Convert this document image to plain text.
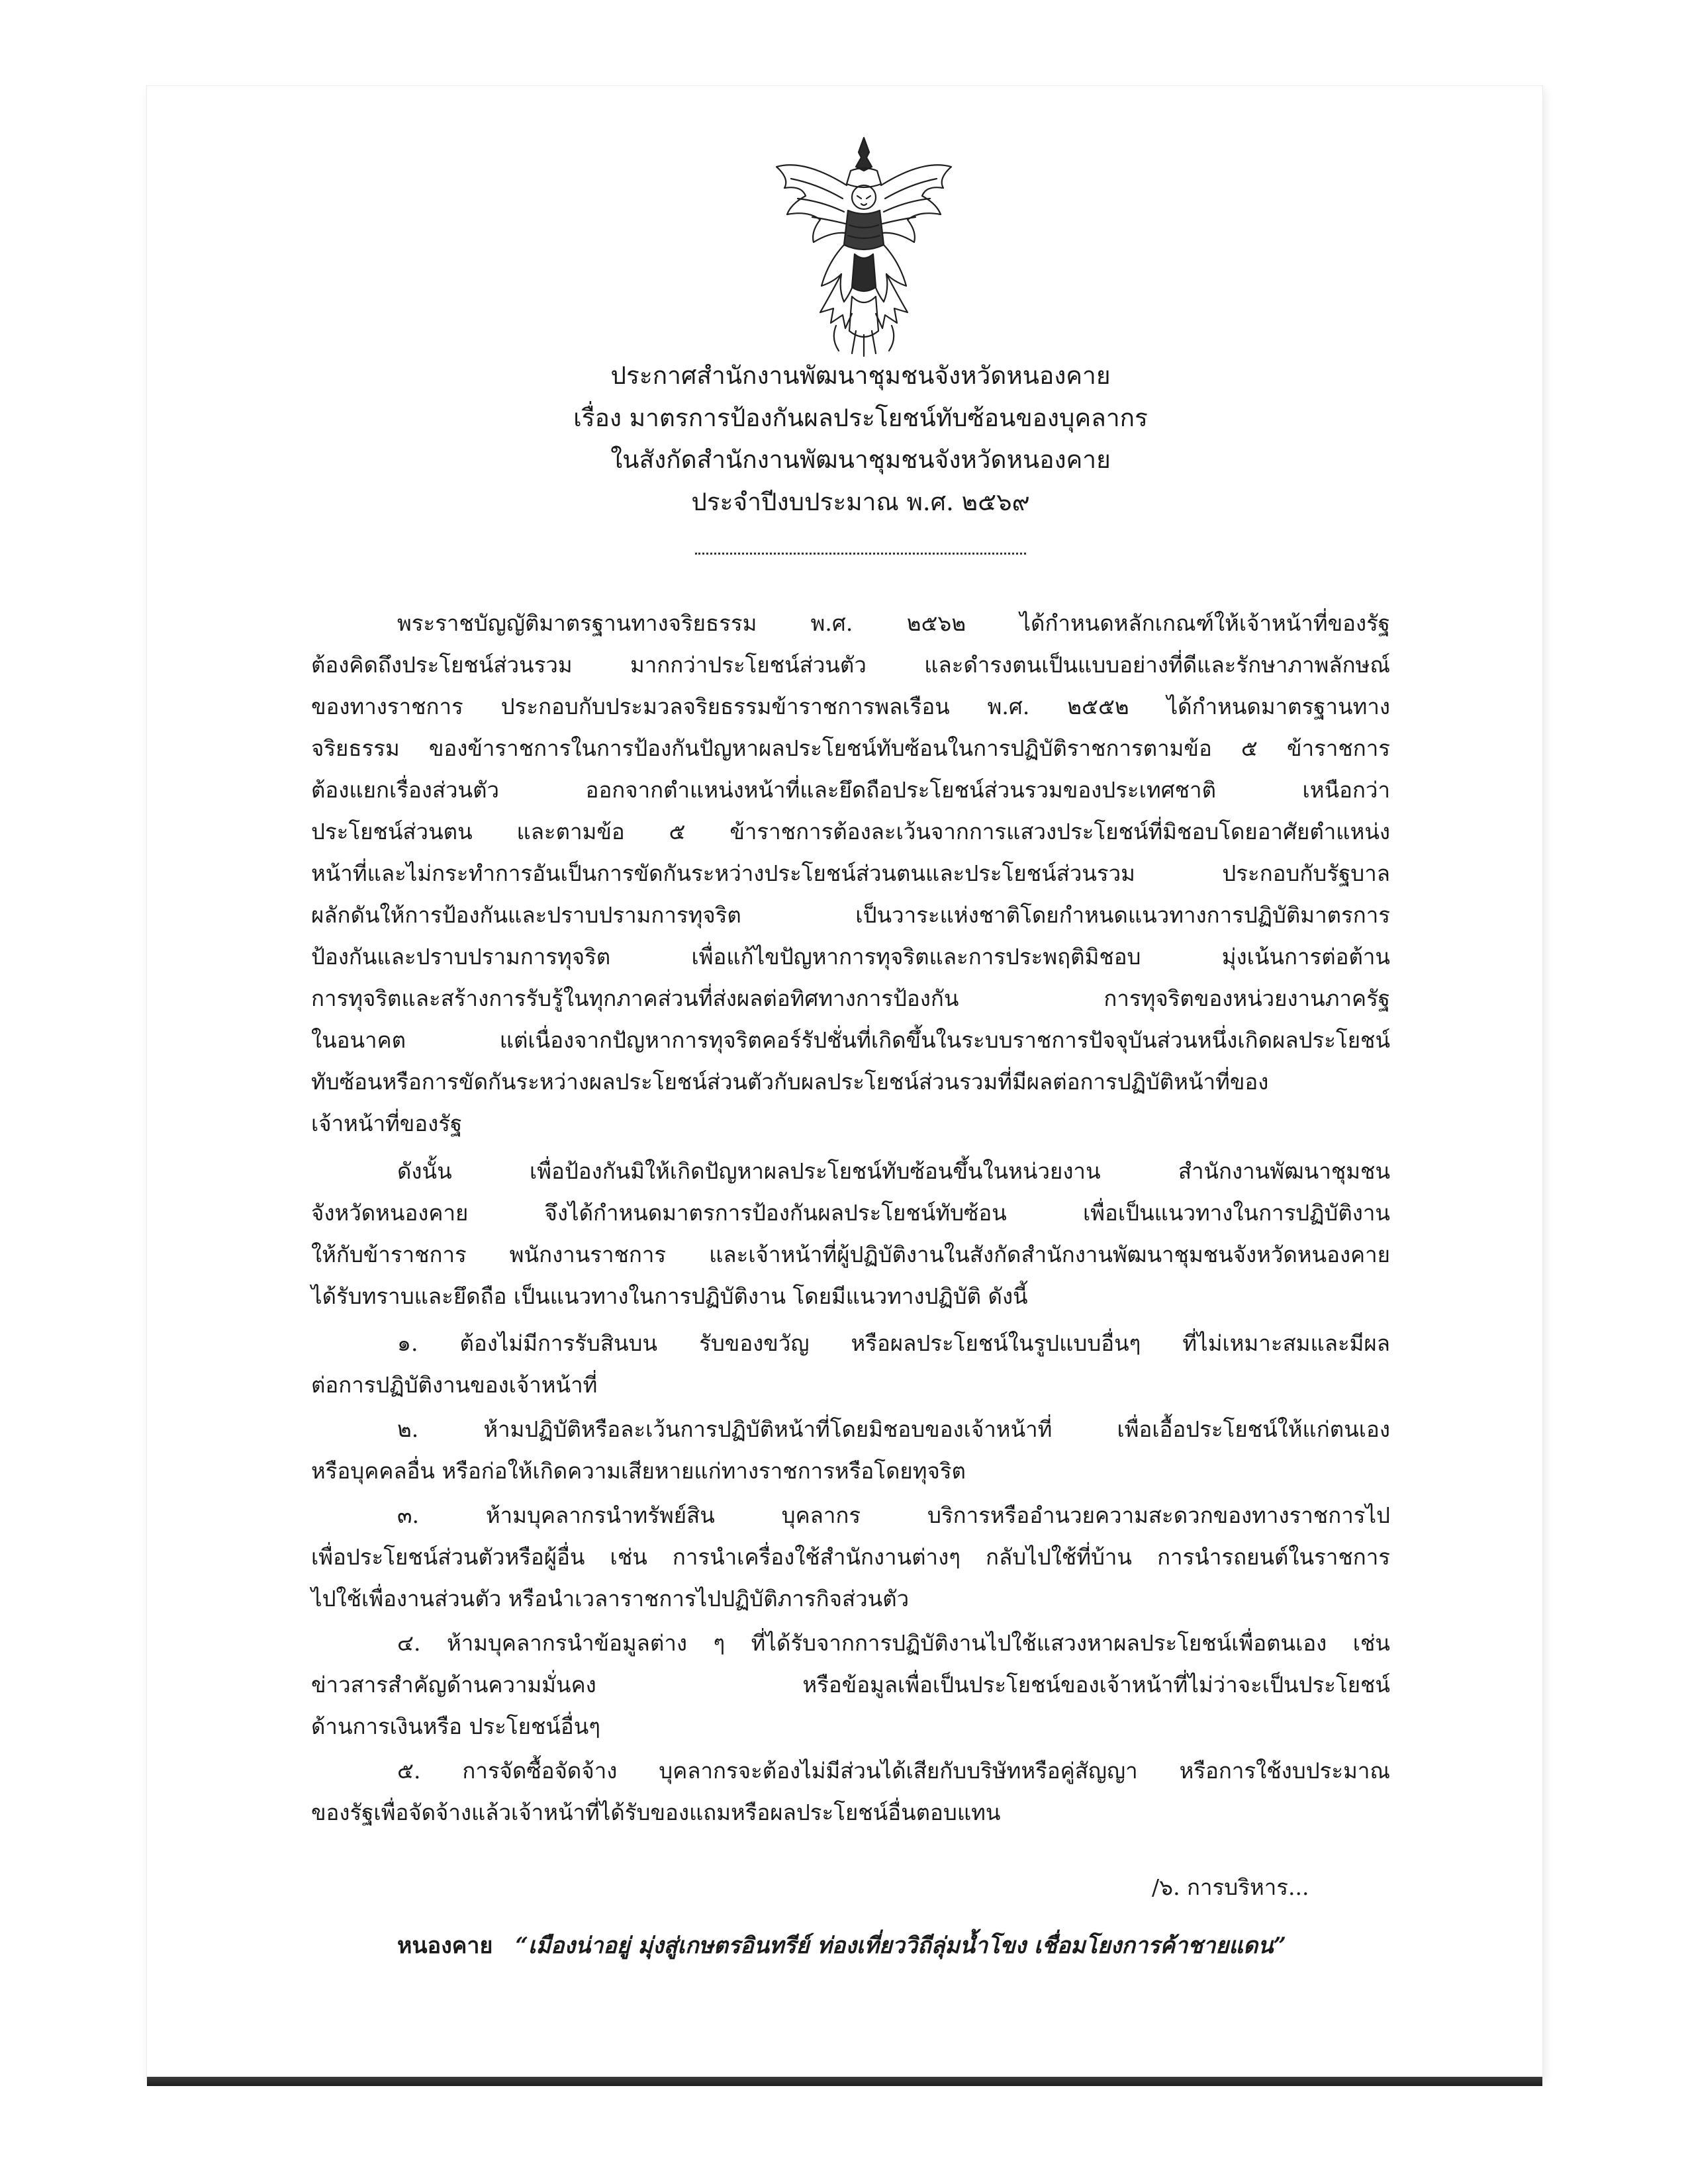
ประกาศสำนักงานพัฒนาชุมชนจังหวัดหนองคาย
เรื่อง มาตรการป้องกันผลประโยชน์ทับซ้อนของบุคลากร
ในสังกัดสำนักงานพัฒนาชุมชนจังหวัดหนองคาย
ประจำปีงบประมาณ พ.ศ. ๒๕๖๙
พระราชบัญญัติมาตรฐานทางจริยธรรม พ.ศ. ๒๕๖๒ ได้กำหนดหลักเกณฑ์ให้เจ้าหน้าที่ของรัฐ
ต้องคิดถึงประโยชน์ส่วนรวม มากกว่าประโยชน์ส่วนตัว และดำรงตนเป็นแบบอย่างที่ดีและรักษาภาพลักษณ์
ของทางราชการ ประกอบกับประมวลจริยธรรมข้าราชการพลเรือน พ.ศ. ๒๕๕๒ ได้กำหนดมาตรฐานทาง
จริยธรรม ของข้าราชการในการป้องกันปัญหาผลประโยชน์ทับซ้อนในการปฏิบัติราชการตามข้อ ๕ ข้าราชการ
ต้องแยกเรื่องส่วนตัว ออกจากตำแหน่งหน้าที่และยึดถือประโยชน์ส่วนรวมของประเทศชาติ เหนือกว่า
ประโยชน์ส่วนตน และตามข้อ ๕ ข้าราชการต้องละเว้นจากการแสวงประโยชน์ที่มิชอบโดยอาศัยตำแหน่ง
หน้าที่และไม่กระทำการอันเป็นการขัดกันระหว่างประโยชน์ส่วนตนและประโยชน์ส่วนรวม ประกอบกับรัฐบาล
ผลักดันให้การป้องกันและปราบปรามการทุจริต เป็นวาระแห่งชาติโดยกำหนดแนวทางการปฏิบัติมาตรการ
ป้องกันและปราบปรามการทุจริต เพื่อแก้ไขปัญหาการทุจริตและการประพฤติมิชอบ มุ่งเน้นการต่อต้าน
การทุจริตและสร้างการรับรู้ในทุกภาคส่วนที่ส่งผลต่อทิศทางการป้องกัน การทุจริตของหน่วยงานภาครัฐ
ในอนาคต แต่เนื่องจากปัญหาการทุจริตคอร์รัปชั่นที่เกิดขึ้นในระบบราชการปัจจุบันส่วนหนึ่งเกิดผลประโยชน์
ทับซ้อนหรือการขัดกันระหว่างผลประโยชน์ส่วนตัวกับผลประโยชน์ส่วนรวมที่มีผลต่อการปฏิบัติหน้าที่ของ
เจ้าหน้าที่ของรัฐ
ดังนั้น เพื่อป้องกันมิให้เกิดปัญหาผลประโยชน์ทับซ้อนขึ้นในหน่วยงาน สำนักงานพัฒนาชุมชน
จังหวัดหนองคาย จึงได้กำหนดมาตรการป้องกันผลประโยชน์ทับซ้อน เพื่อเป็นแนวทางในการปฏิบัติงาน
ให้กับข้าราชการ พนักงานราชการ และเจ้าหน้าที่ผู้ปฏิบัติงานในสังกัดสำนักงานพัฒนาชุมชนจังหวัดหนองคาย
ได้รับทราบและยึดถือ เป็นแนวทางในการปฏิบัติงาน โดยมีแนวทางปฏิบัติ ดังนี้
๑. ต้องไม่มีการรับสินบน รับของขวัญ หรือผลประโยชน์ในรูปแบบอื่นๆ ที่ไม่เหมาะสมและมีผล
ต่อการปฏิบัติงานของเจ้าหน้าที่
๒. ห้ามปฏิบัติหรือละเว้นการปฏิบัติหน้าที่โดยมิชอบของเจ้าหน้าที่ เพื่อเอื้อประโยชน์ให้แก่ตนเอง
หรือบุคคลอื่น หรือก่อให้เกิดความเสียหายแก่ทางราชการหรือโดยทุจริต
๓. ห้ามบุคลากรนำทรัพย์สิน บุคลากร บริการหรืออำนวยความสะดวกของทางราชการไป
เพื่อประโยชน์ส่วนตัวหรือผู้อื่น เช่น การนำเครื่องใช้สำนักงานต่างๆ กลับไปใช้ที่บ้าน การนำรถยนต์ในราชการ
ไปใช้เพื่องานส่วนตัว หรือนำเวลาราชการไปปฏิบัติภารกิจส่วนตัว
๔. ห้ามบุคลากรนำข้อมูลต่าง ๆ ที่ได้รับจากการปฏิบัติงานไปใช้แสวงหาผลประโยชน์เพื่อตนเอง เช่น
ข่าวสารสำคัญด้านความมั่นคง หรือข้อมูลเพื่อเป็นประโยชน์ของเจ้าหน้าที่ไม่ว่าจะเป็นประโยชน์
ด้านการเงินหรือ ประโยชน์อื่นๆ
๕. การจัดซื้อจัดจ้าง บุคลากรจะต้องไม่มีส่วนได้เสียกับบริษัทหรือคู่สัญญา หรือการใช้งบประมาณ
ของรัฐเพื่อจัดจ้างแล้วเจ้าหน้าที่ได้รับของแถมหรือผลประโยชน์อื่นตอบแทน
/๖. การบริหาร...
หนองคาย “เมืองน่าอยู่ มุ่งสู่เกษตรอินทรีย์ ท่องเที่ยววิถีลุ่มน้ำโขง เชื่อมโยงการค้าชายแดน”
